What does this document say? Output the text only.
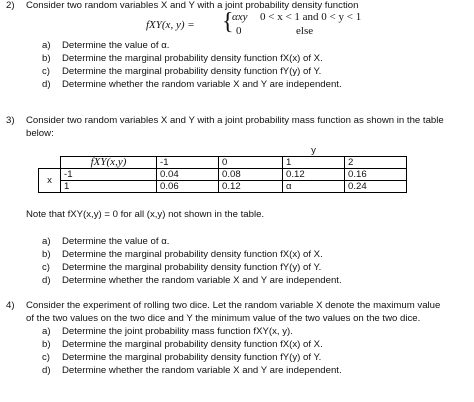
2) Consider two random variables X and Y with a joint probability density function
fXY(x, y) = {
αxy 0 < x < 1 and 0 < y < 1
0	else
a) Determine the value of α.
b) Determine the marginal probability density function fX(x) of X.
c) Determine the marginal probability density function fY(y) of Y.
d) Determine whether the random variable X and Y are independent.
3) Consider two random variables X and Y with a joint probability mass function as shown in the table
below:
				y	
	fXY(x,y)	-1	0	1	2
x	-1	0.04	0.08	0.12	0.16
	1	0.06	0.12	α	0.24
Note that fXY(x,y) = 0 for all (x,y) not shown in the table.
a) Determine the value of α.
b) Determine the marginal probability density function fX(x) of X.
c) Determine the marginal probability density function fY(y) of Y.
d) Determine whether the random variable X and Y are independent.
4) Consider the experiment of rolling two dice. Let the random variable X denote the maximum value
of the two values on the two dice and Y the minimum value of the two values on the two dice.
a) Determine the joint probability mass function fXY(x, y).
b) Determine the marginal probability density function fX(x) of X.
c) Determine the marginal probability density function fY(y) of Y.
d) Determine whether the random variable X and Y are independent.
